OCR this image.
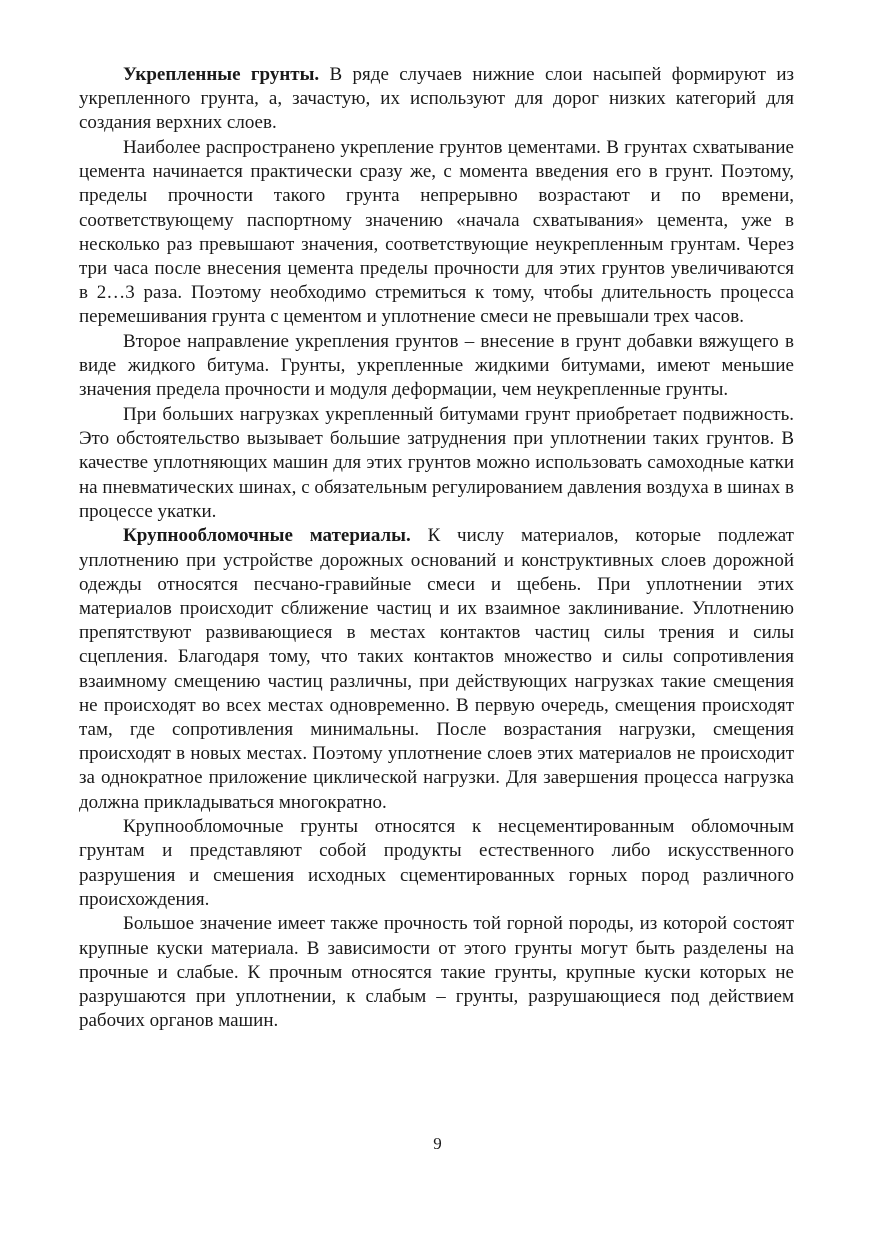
Укрепленные грунты. В ряде случаев нижние слои насыпей формируют из укрепленного грунта, а, зачастую, их используют для дорог низких категорий для создания верхних слоев.

Наиболее распространено укрепление грунтов цементами. В грунтах схватывание цемента начинается практически сразу же, с момента введения его в грунт. Поэтому, пределы прочности такого грунта непрерывно возрастают и по времени, соответствующему паспортному значению «начала схватывания» цемента, уже в несколько раз превышают значения, соответствующие неукрепленным грунтам. Через три часа после внесения цемента пределы прочности для этих грунтов увеличиваются в 2…3 раза. Поэтому необходимо стремиться к тому, чтобы длительность процесса перемешивания грунта с цементом и уплотнение смеси не превышали трех часов.

Второе направление укрепления грунтов – внесение в грунт добавки вяжущего в виде жидкого битума. Грунты, укрепленные жидкими битумами, имеют меньшие значения предела прочности и модуля деформации, чем неукрепленные грунты.

При больших нагрузках укрепленный битумами грунт приобретает подвижность. Это обстоятельство вызывает большие затруднения при уплотнении таких грунтов. В качестве уплотняющих машин для этих грунтов можно использовать самоходные катки на пневматических шинах, с обязательным регулированием давления воздуха в шинах в процессе укатки.

Крупнообломочные материалы. К числу материалов, которые подлежат уплотнению при устройстве дорожных оснований и конструктивных слоев дорожной одежды относятся песчано-гравийные смеси и щебень. При уплотнении этих материалов происходит сближение частиц и их взаимное заклинивание. Уплотнению препятствуют развивающиеся в местах контактов частиц силы трения и силы сцепления. Благодаря тому, что таких контактов множество и силы сопротивления взаимному смещению частиц различны, при действующих нагрузках такие смещения не происходят во всех местах одновременно. В первую очередь, смещения происходят там, где сопротивления минимальны. После возрастания нагрузки, смещения происходят в новых местах. Поэтому уплотнение слоев этих материалов не происходит за однократное приложение циклической нагрузки. Для завершения процесса нагрузка должна прикладываться многократно.

Крупнообломочные грунты относятся к несцементированным обломочным грунтам и представляют собой продукты естественного либо искусственного разрушения и смешения исходных сцементированных горных пород различного происхождения.

Большое значение имеет также прочность той горной породы, из которой состоят крупные куски материала. В зависимости от этого грунты могут быть разделены на прочные и слабые. К прочным относятся такие грунты, крупные куски которых не разрушаются при уплотнении, к слабым – грунты, разрушающиеся под действием рабочих органов машин.

9
